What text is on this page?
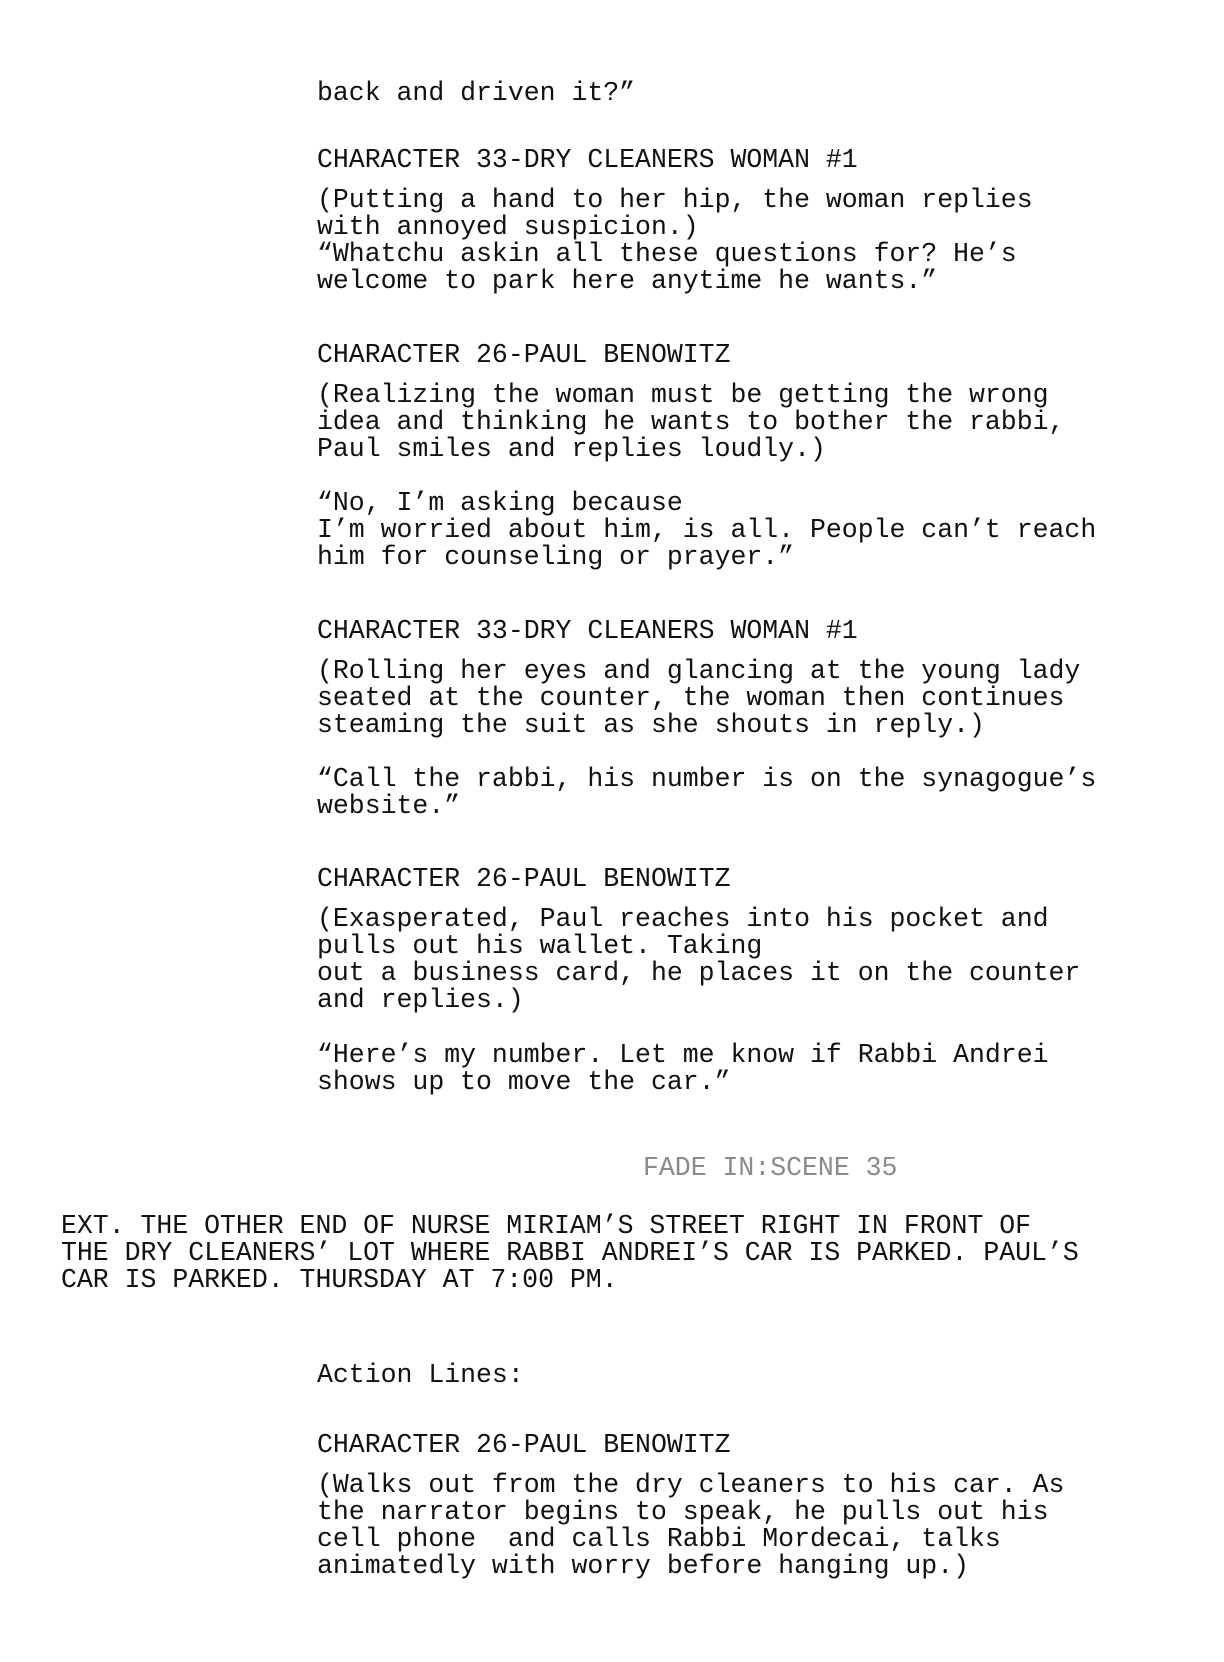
back and driven it?”
CHARACTER 33-DRY CLEANERS WOMAN #1
(Putting a hand to her hip, the woman replies
with annoyed suspicion.)
“Whatchu askin all these questions for? He’s
welcome to park here anytime he wants.”
CHARACTER 26-PAUL BENOWITZ
(Realizing the woman must be getting the wrong
idea and thinking he wants to bother the rabbi,
Paul smiles and replies loudly.)
“No, I’m asking because
I’m worried about him, is all. People can’t reach
him for counseling or prayer.”
CHARACTER 33-DRY CLEANERS WOMAN #1
(Rolling her eyes and glancing at the young lady
seated at the counter, the woman then continues
steaming the suit as she shouts in reply.)
“Call the rabbi, his number is on the synagogue’s
website.”
CHARACTER 26-PAUL BENOWITZ
(Exasperated, Paul reaches into his pocket and
pulls out his wallet. Taking
out a business card, he places it on the counter
and replies.)
“Here’s my number. Let me know if Rabbi Andrei
shows up to move the car.”
FADE IN:SCENE 35
EXT. THE OTHER END OF NURSE MIRIAM’S STREET RIGHT IN FRONT OF
THE DRY CLEANERS’ LOT WHERE RABBI ANDREI’S CAR IS PARKED. PAUL’S
CAR IS PARKED. THURSDAY AT 7:00 PM.
Action Lines:
CHARACTER 26-PAUL BENOWITZ
(Walks out from the dry cleaners to his car. As
the narrator begins to speak, he pulls out his
cell phone  and calls Rabbi Mordecai, talks
animatedly with worry before hanging up.)
